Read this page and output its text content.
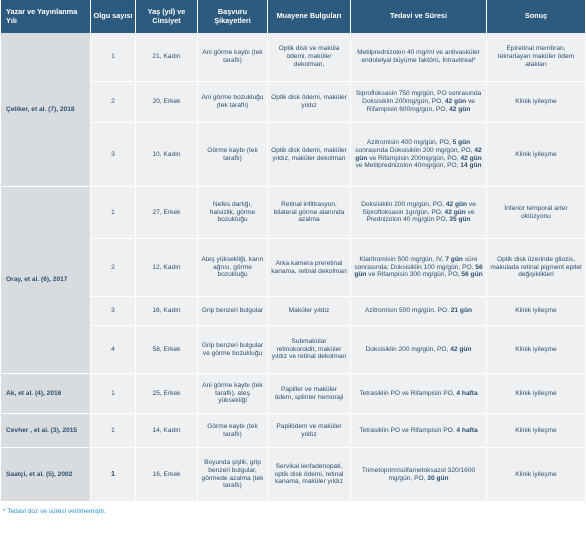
Yazar ve Yayınlanma Yılı	Olgu sayısı	Yaş (yıl) ve Cinsiyet	Başvuru Şikayetleri	Muayene Bulguları	Tedavi ve Süresi	Sonuç
Çeliker, et al. (7), 2018	1	21, Kadın	Ani görme kaybı (tek taraflı)	Optik disk ve maküla ödemi, maküler dekolman,	Metilprednizolon 40 mg/ml ve antivasküler endotelyal büyüme faktörü, İntravitreal*	Epiretinal membran, tekrarlayan maküler ödem atakları
	2	20, Erkek	Ani görme bozukluğu (tek taraflı)	Optik disk ödemi, maküler yıldız	Siprofloksasin 750 mg/gün, PO sonrasında Doksisiklin 200mg/gün, PO, 42 gün ve Rifampisin 600mg/gün, PO, 42 gün	Klinik iyileşme
	3	10, Kadın	Görme kaybı (tek taraflı)	Optik disk ödemi, maküler yıldız, maküler dekolman	Azitromisin 400 mg/gün, PO, 5 gün sonrasında Doksisiklin 200 mg/gün, PO, 42 gün ve Rifampisin 200mg/gün, PO, 42 gün ve Metilprednizolon 40mg/gün, PO, 14 gün	Klinik iyileşme
Oray, et al. (6), 2017	1	27, Erkek	Nefes darlığı, halsizlik, görme bozukluğu	Retinal infiltrasyon, bilateral görme alanında azalma	Doksisiklin 200 mg/gün, PO, 42 gün ve Siprofloksasin 1gr/gün, PO, 42 gün ve Prednizolon 40 mg/gün PO, 35 gün	İnferior temporal arter oklüzyonu
	2	12, Kadın	Ateş yüksekliği, karın ağrısı, görme bozukluğu	Arka kamera preretinal kanama, retinal dekolman	Klaritromisin 500 mg/gün, IV, 7 gün süre sonrasında; Doksisiklin 100 mg/gün, PO, 56 gün ve Rifampisin 300 mg/gün, PO, 56 gün	Optik disk üzerinde gliozis, makulada retinal pigment epitel değişiklikleri
	3	16, Kadın	Grip benzeri bulgular	Maküler yıldız	Azitromisin 500 mg/gün, PO, 21 gün	Klinik iyileşme
	4	58, Erkek	Grip benzeri bulgular ve görme bozukluğu	Submakülar retinokoroidit, maküler yıldız ve retinal dekolman	Doksisiklin 200 mg/gün, PO, 42 gün	Klinik iyileşme
Ak, et al. (4), 2016	1	25, Erkek	Ani görme kaybı (tek taraflı), ateş yüksekliği	Papiller ve maküler ödem, splinter hemoraji	Tetrasiklin PO ve Rifampisin PO, 4 hafta	Klinik iyileşme
Cevher , et al. (3), 2015	1	14, Kadın	Görme kaybı (tek taraflı)	Papilödem ve maküler yıldız	Tetrasiklin PO ve Rifampisin PO, 4 hafta	Klinik iyileşme
Saatçi, et al. (5), 2002	1	16, Erkek	Boyunda şişlik, grip benzeri bulgular, görmede azalma (tek taraflı)	Servikal lenfadenopati, optik disk ödemi, retinal kanama, maküler yıldız	Trimetoprim/sülfametoksazol 320/1600 mg/gün, PO, 30 gün	Klinik iyileşme
* Tedavi doz ve süresi verilmemiştir.
